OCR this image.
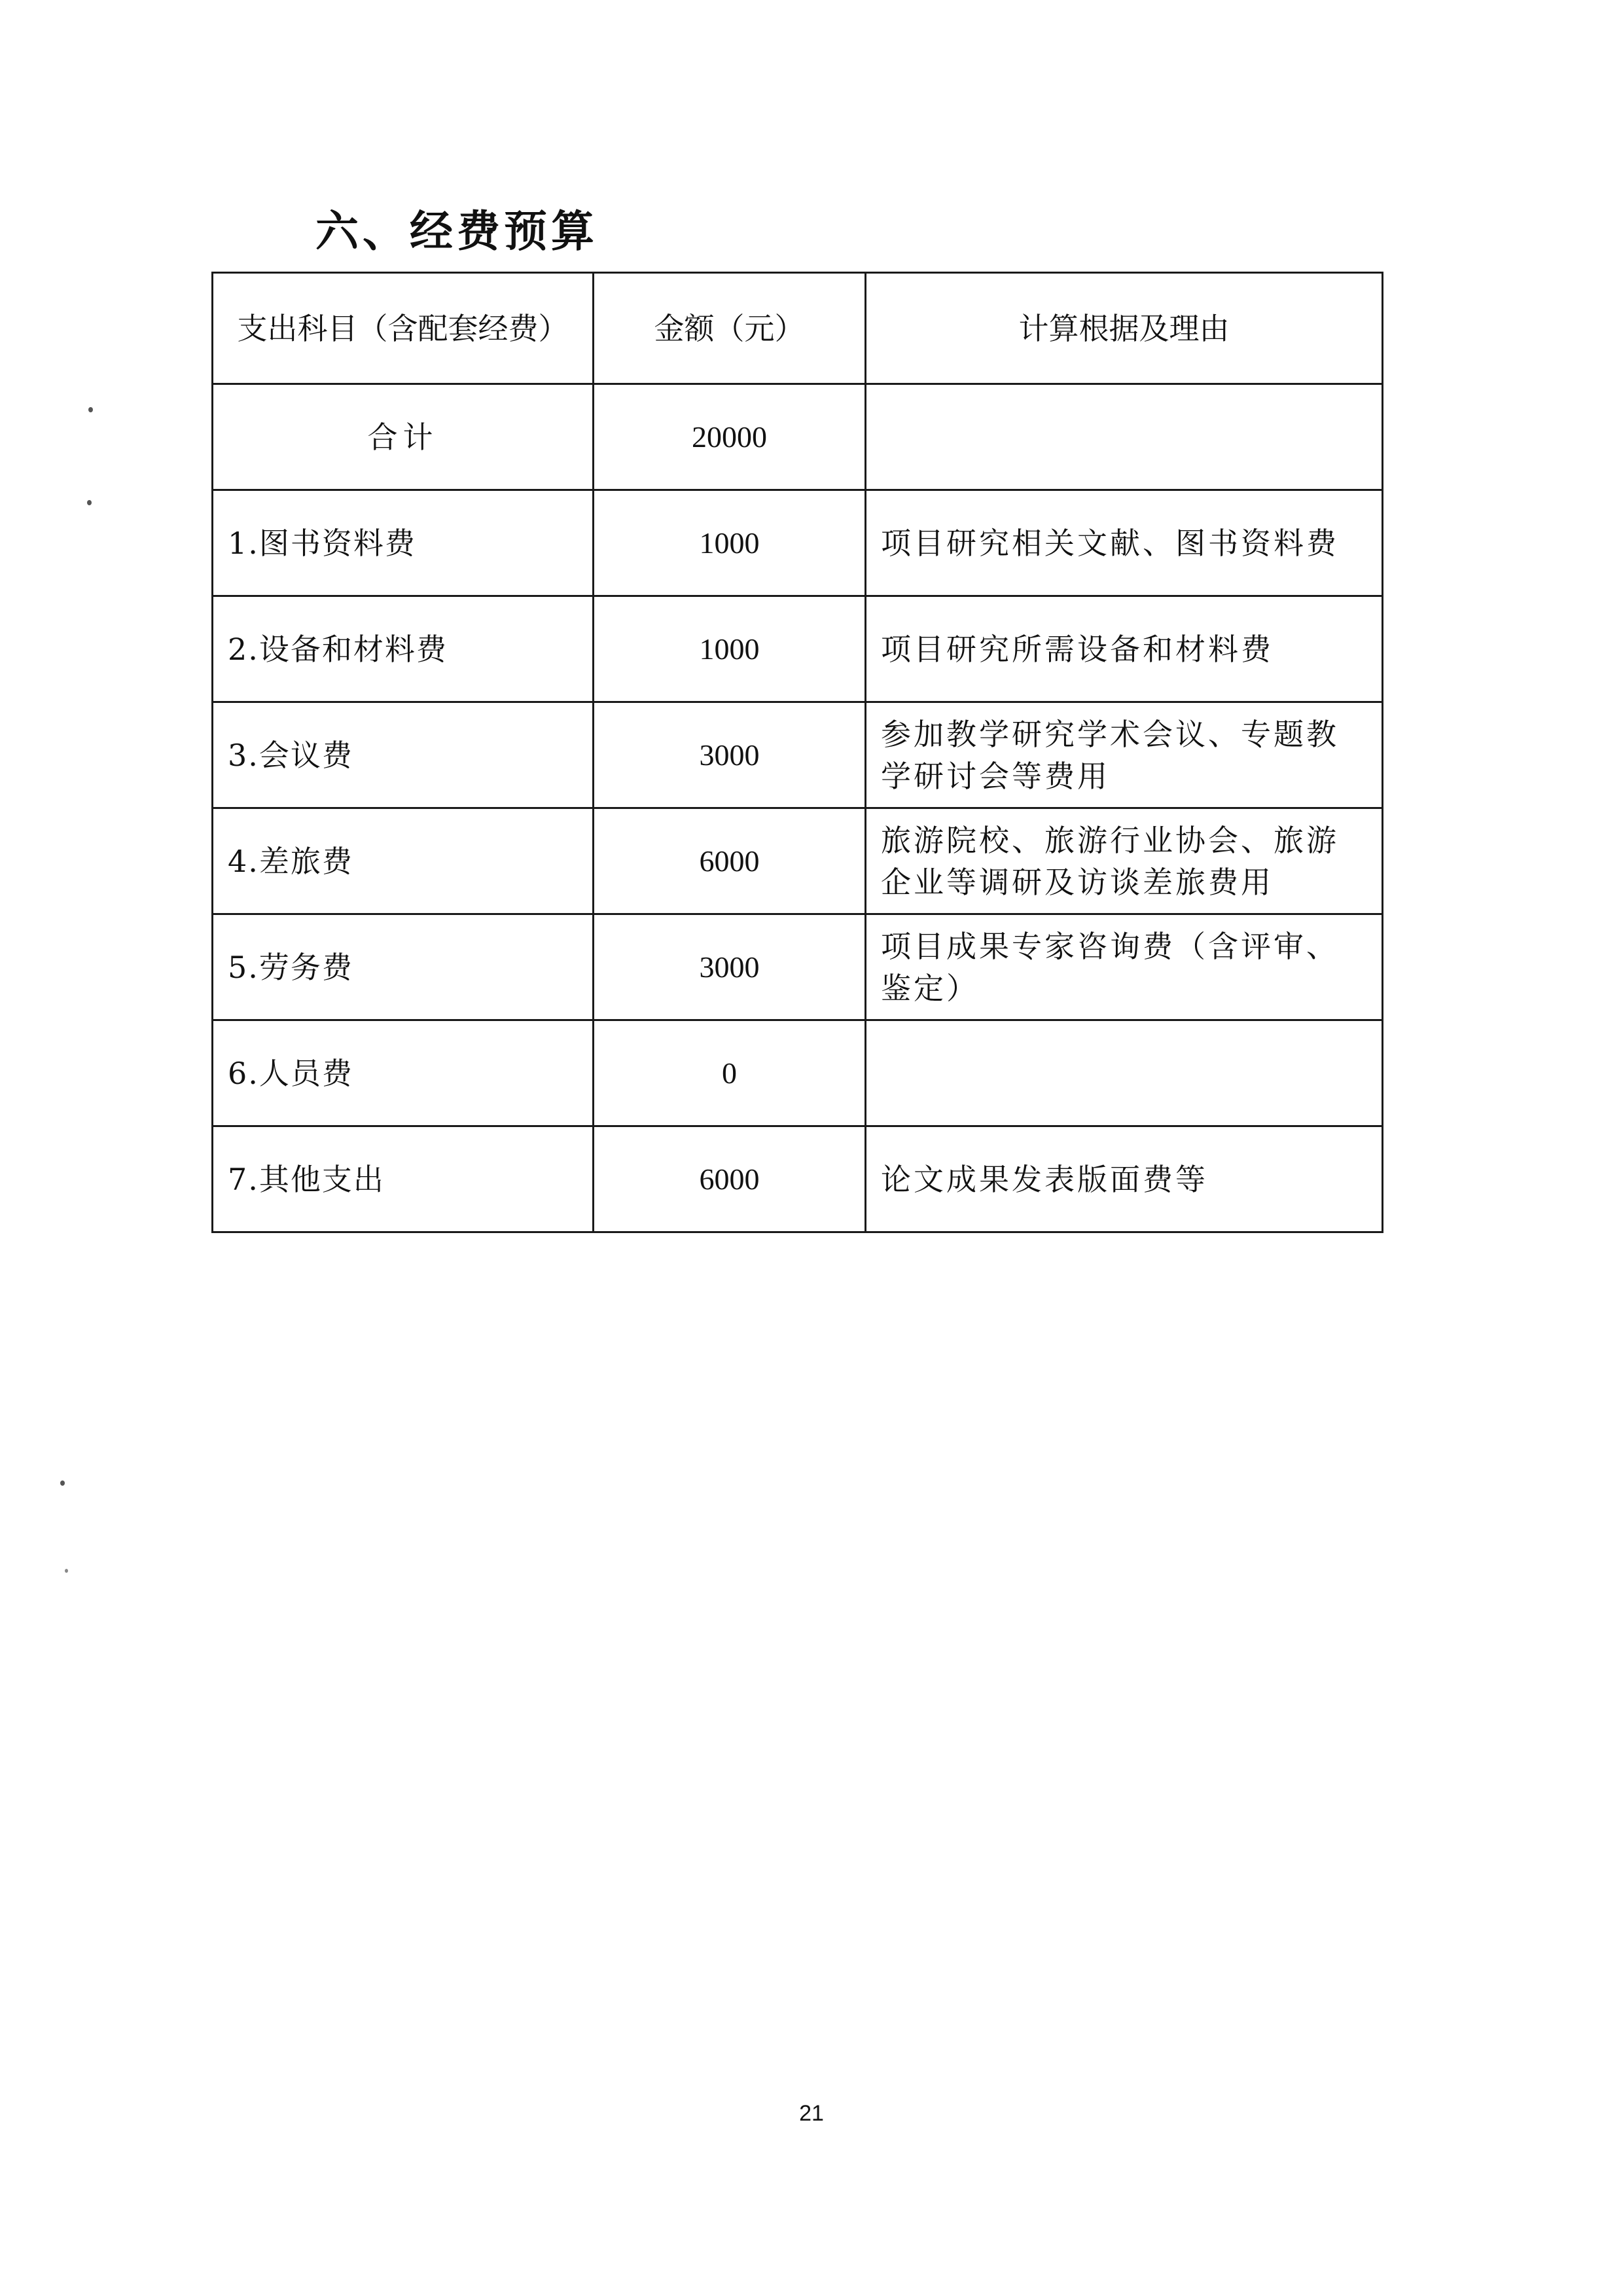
六、经费预算
支出科目（含配套经费）	金额（元）	计算根据及理由
合计	20000	
1.图书资料费	1000	项目研究相关文献、图书资料费
2.设备和材料费	1000	项目研究所需设备和材料费
3.会议费	3000	参加教学研究学术会议、专题教学研讨会等费用
4.差旅费	6000	旅游院校、旅游行业协会、旅游企业等调研及访谈差旅费用
5.劳务费	3000	项目成果专家咨询费（含评审、鉴定）
6.人员费	0	
7.其他支出	6000	论文成果发表版面费等
21
